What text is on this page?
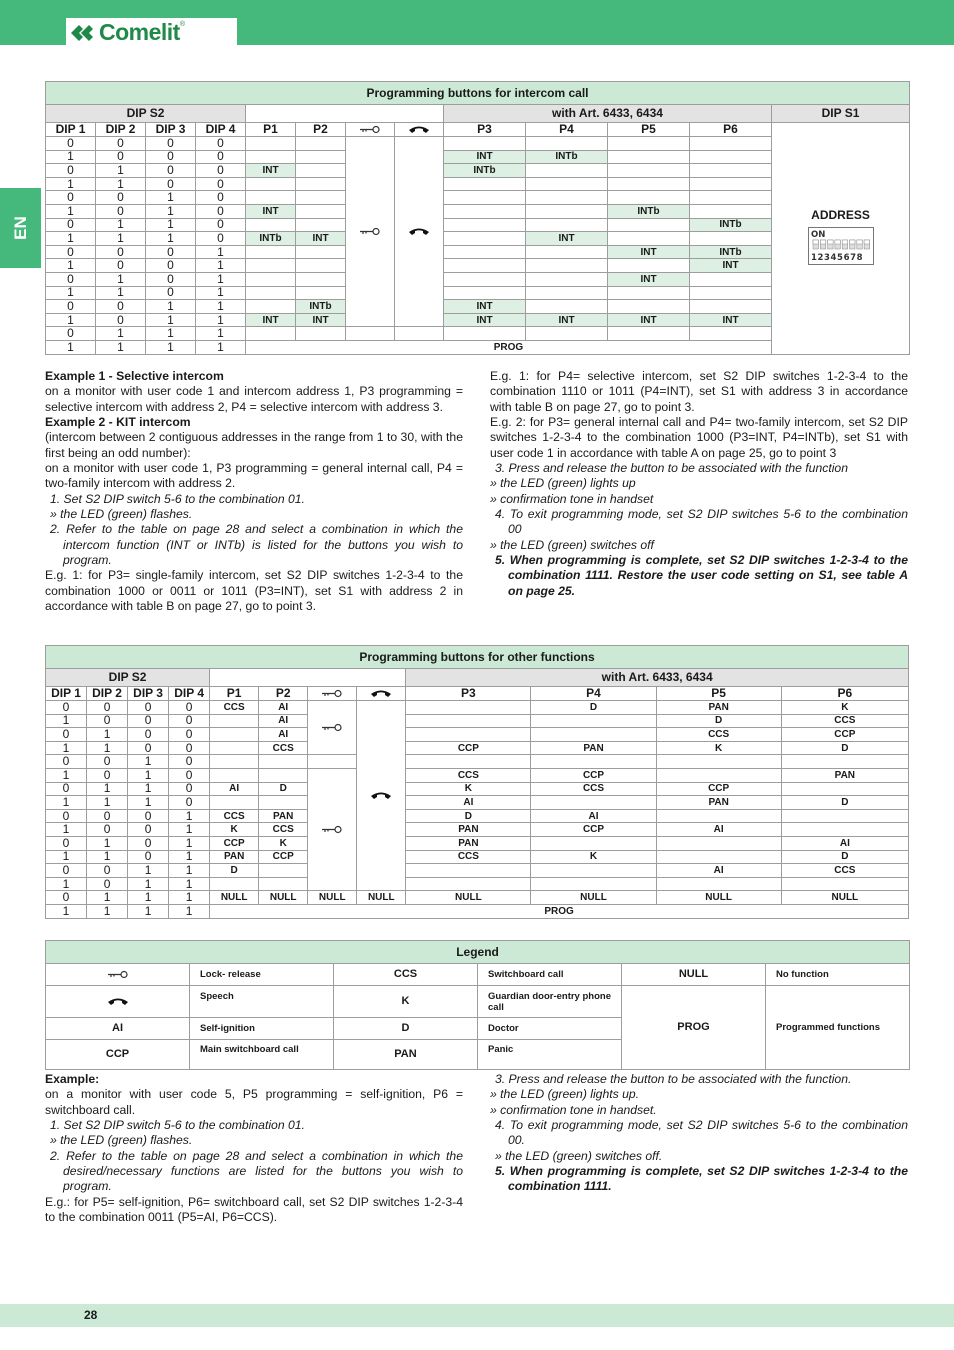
Comelit®
EN
Programming buttons for intercom call												
DIP S2								with Art. 6433, 6434				DIP S1
DIP 1	DIP 2	DIP 3	DIP 4	P1	P2			P3	P4	P5	P6	ADDRESS
ON
12345678

0	0	0	0			

1	0	0	0					INT	INTb			
0	1	0	0	INT				INTb				
1	1	0	0									
0	0	1	0									
1	0	1	0	INT						INTb		
0	1	1	0								INTb	
1	1	1	0	INTb	INT				INT			
0	0	0	1							INT	INTb	
1	0	0	1								INT	
0	1	0	1							INT		
1	1	0	1									
0	0	1	1		INTb			INT				
1	0	1	1	INT	INT			INT	INT	INT	INT	
0	1	1	1									
1	1	1	1	PROG								

Example 1 - Selective intercom

on a monitor with user code 1 and intercom address 1, P3 programming = selective intercom with address 2, P4 = selective intercom with address 3.

Example 2 - KIT intercom

(intercom between 2 contiguous addresses in the range from 1 to 30, with the first being an odd number):

on a monitor with user code 1, P3 programming = general internal call, P4 = two-family intercom with address 2.

1. Set S2 DIP switch 5-6 to the combination 01.

» the LED (green) flashes.

2. Refer to the table on page 28 and select a combination in which the intercom function (INT or INTb) is listed for the buttons you wish to program.

E.g. 1: for P3= single-family intercom, set S2 DIP switches 1-2-3-4 to the combination 1000 or 0011 or 1011 (P3=INT), set S1 with address 2 in accordance with table B on page 27, go to point 3.

E.g. 1: for P4= selective intercom, set S2 DIP switches 1-2-3-4 to the combination 1110 or 1011 (P4=INT), set S1 with address 3 in accordance with table B on page 27, go to point 3.

E.g. 2: for P3= general internal call and P4= two-family intercom, set S2 DIP switches 1-2-3-4 to the combination 1000 (P3=INT, P4=INTb), set S1 with user code 1 in accordance with table A on page 25, go to point 3

3. Press and release the button to be associated with the function

» the LED (green) lights up

» confirmation tone in handset

4. To exit programming mode, set S2 DIP switches 5-6 to the combination 00

» the LED (green) switches off

5. When programming is complete, set S2 DIP switches 1-2-3-4 to the combination 1111. Restore the user code setting on S1, see table A on page 25.

Programming buttons for other functions											
DIP S2								with Art. 6433, 6434			
DIP 1	DIP 2	DIP 3	DIP 4	P1	P2			P3	P4	P5	P6
0	0	0	0	CCS	AI				D	PAN	K
1	0	0	0		AI					D	CCS
0	1	0	0		AI					CCS	CCP
1	1	0	0		CCS			CCP	PAN	K	D
0	0	1	0								
1	0	1	0					CCS	CCP		PAN
0	1	1	0	AI	D			K	CCS	CCP	
1	1	1	0					AI		PAN	D
0	0	0	1	CCS	PAN			D	AI		
1	0	0	1	K	CCS			PAN	CCP	AI	
0	1	0	1	CCP	K			PAN			AI
1	1	0	1	PAN	CCP			CCS	K		D
0	0	1	1	D						AI	CCS
1	0	1	1								
0	1	1	1	NULL	NULL	NULL	NULL	NULL	NULL	NULL	NULL
1	1	1	1	PROG							
Legend					

	Lock- release	CCS	Switchboard call	NULL	No function

	Speech	K	Guardian door-entry phone call	PROG	Programmed functions
AI	Self-ignition	D	Doctor		
CCP	Main switchboard call	PAN	Panic		

Example:

on a monitor with user code 5, P5 programming = self-ignition, P6 = switchboard call.

1. Set S2 DIP switch 5-6 to the combination 01.

» the LED (green) flashes.

2. Refer to the table on page 28 and select a combination in which the desired/necessary functions are listed for the buttons you wish to program.

E.g.: for P5= self-ignition, P6= switchboard call, set S2 DIP switches 1-2-3-4 to the combination 0011 (P5=AI, P6=CCS).

3. Press and release the button to be associated with the function.

» the LED (green) lights up.

» confirmation tone in handset.

4. To exit programming mode, set S2 DIP switches 5-6 to the combination 00.

» the LED (green) switches off.

5. When programming is complete, set S2 DIP switches 1-2-3-4 to the combination 1111.

28
